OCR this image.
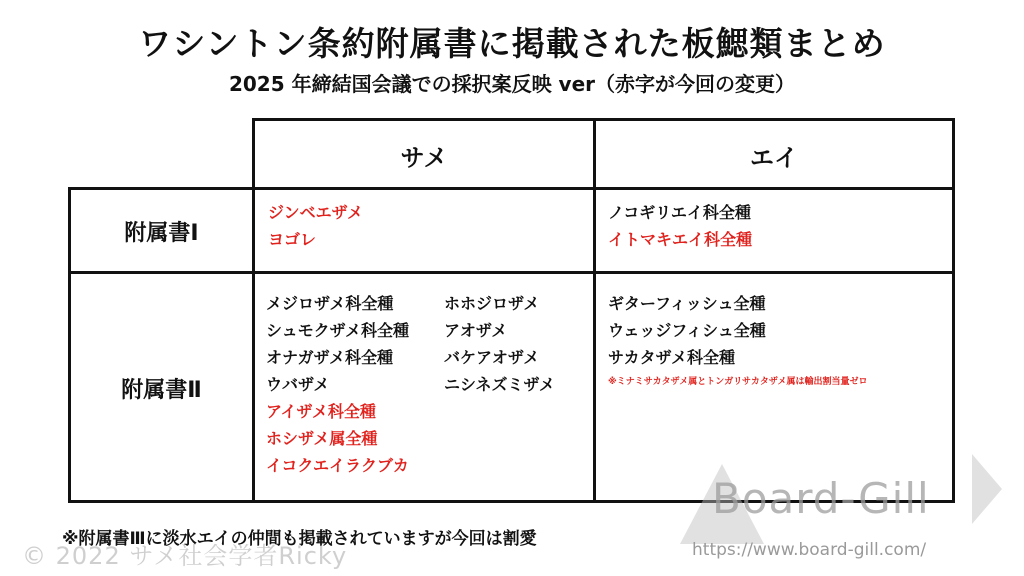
ワシントン条約附属書に掲載された板鰓類まとめ
2025 年締結国会議での採択案反映 ver（赤字が今回の変更）
サメ	エイ
附属書Ⅰ
附属書Ⅱ
ジンベエザメ
ヨゴレ
ノコギリエイ科全種
イトマキエイ科全種
メジロザメ科全種
シュモクザメ科全種
オナガザメ科全種
ウバザメ
アイザメ科全種
ホシザメ属全種
イコクエイラクブカ
ホホジロザメ
アオザメ
バケアオザメ
ニシネズミザメ
ギターフィッシュ全種
ウェッジフィシュ全種
サカタザメ科全種
※ミナミサカタザメ属とトンガリサカタザメ属は輸出割当量ゼロ
Board-Gill
© 2022 サメ社会学者Ricky	https://www.board-gill.com/
※附属書Ⅲに淡水エイの仲間も掲載されていますが今回は割愛
